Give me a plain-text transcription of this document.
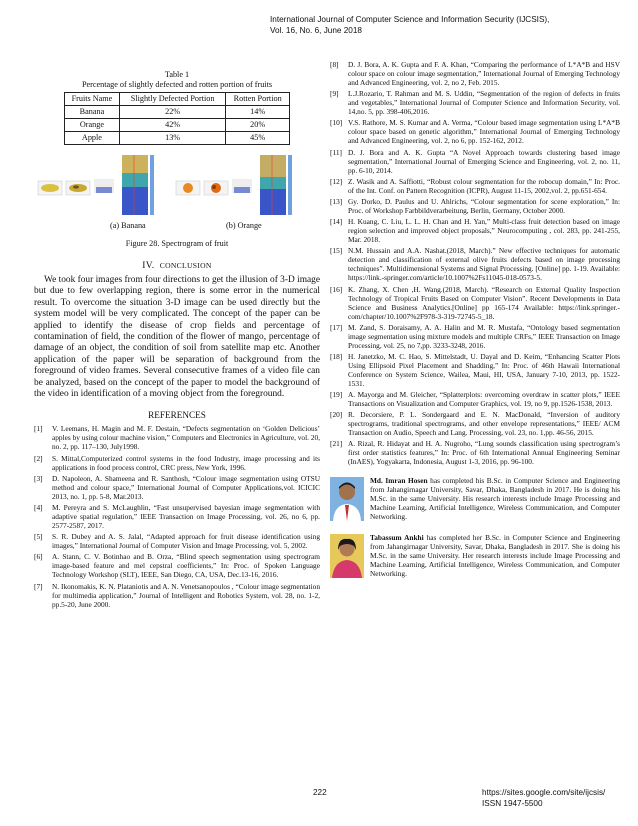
International Journal of Computer Science and Information Security (IJCSIS),
Vol. 16, No. 6, June 2018
Table 1
Percentage of slightly defected and rotten portion of fruits
Fruits Name	Slightly Defected Portion	Rotten Portion
Banana	22%	14%
Orange	42%	20%
Apple	13%	45%
(a) Banana	(b) Orange
Figure 28. Spectrogram of fruit
IV. CONCLUSION
We took four images from four directions to get the illusion of 3-D image but due to few overlapping region, there is some error in the numerical result. To overcome the situation 3-D image can be used directly but the system model will be very complicated. The concept of the paper can be applied to identify the disease of crop fields and percentage of contamination of field, the condition of the flower of mango, percentage of damage of an object, the condition of soil from satellite map etc. Another application of the paper will be separation of background from the foreground of video frames. Several consecutive frames of a video file can be analyzed, based on the concept of the paper to model the background of the video in identification of a moving object from the foreground.
REFERENCES
[1]	V. Leemans, H. Magin and M. F. Destain, “Defects segmentation on ‘Golden Delicious’ apples by using colour machine vision,” Computers and Electronics in Agriculture, vol. 20, no. 2, pp. 117–130, July1998.
[2]	S. Mittal,Computerized control systems in the food Industry, image processing and its applications in food process control, CRC press, New York, 1996.
[3]	D. Napoleon, A. Shameena and R. Santhosh, “Colour image segmentation using OTSU method and colour space,” International Journal of Computer Applications,vol. ICICIC 2013, no. 1, pp. 5-8, Mar.2013.
[4]	M. Pereyra and S. McLaughlin, “Fast unsupervised bayesian image segmentation with adaptive spatial regulation,” IEEE Transaction on Image Processing, vol. 26, no 6, pp. 2577-2587, 2017.
[5]	S. R. Dubey and A. S. Jalal, “Adapted approach for fruit disease identification using images,” International Journal of Computer Vision and Image Processing, vol. 5, 2002.
[6]	A. Stann, C. V. Botinhao and B. Orza, “Blind speech segmentation using spectrogram image-based feature and mel cepstral coefficients,” In: Proc. of Spoken Language Technology Workshop (SLT), IEEE, San Diego, CA, USA, Dec.13-16, 2016.
[7]	N. Ikonomakis, K. N. Plataniotis and A. N. Venetsanopoulos , “Colour image segmentation for multimedia application,” Journal of Intelligent and Robotics System, vol. 28, no. 1-2, pp.5-20, June 2000.
[8]	D. J. Bora, A. K. Gupta and F. A. Khan, “Comparing the performance of L*A*B and HSV colour space on colour image segmentation,” International Journal of Emerging Technology and Advanced Engineering, vol. 2, no 2, Feb. 2015.
[9]	L.J.Rozario, T. Rahman and M. S. Uddin, “Segmentation of the region of defects in fruits and vegetables,” International Journal of Computer Science and Information Security, vol. 14,no. 5, pp. 398-406,2016.
[10] V.S. Rathore, M. S. Kumar and A. Verma, “Colour based image segmentation using L*A*B colour space based on genetic algorithm,” International Journal of Emerging Technology and Advanced Engineering, vol. 2, no 6, pp. 152-162, 2012.
[11] D. J. Bora and A. K. Gupta “A Novel Approach towards clustering based image segmentation,” International Journal of Emerging Science and Engineering, vol. 2, no. 11, pp. 6-10, 2014.
[12] Z. Wasik and A. Saffiotti, “Robust colour segmentation for the robocup domain,” In: Proc. of the Int. Conf. on Pattern Recognition (ICPR), August 11-15, 2002,vol. 2, pp.651-654.
[13] Gy. Dorko, D. Paulus and U. Ahlrichs, “Colour segmentation for scene exploration,” In: Proc. of Workshop Farbbildverarbeitung, Berlin, Germany, October 2000.
[14] H. Kuang, C. Liu, L. L. H. Chan and H. Yan,” Multi-class fruit detection based on image region selection and improved object proposals,” Neurocomputing , col. 283, pp. 241-255, Mar. 2018.
[15] N.M. Hussain and A.A. Nashat.(2018, March).” New effective techniques for automatic detection and classification of external olive fruits defects based on image processing techniques”. Multidimensional Systems and Signal Processing. [Online] pp. 1-19. Available: https://link.-springer.com/article/10.1007%2Fs11045-018-0573-5.
[16] K. Zhang, X. Chen ,H. Wang.(2018, March). “Research on External Quality Inspection Technology of Tropical Fruits Based on Computer Vision”. Recent Developments in Data Science and Business Analytics.[Online] pp 165-174 Available: https://link.springer.-com/chapter/10.1007%2F978-3-319-72745-5_18.
[17] M. Zand, S. Doraisamy, A. A. Halin and M. R. Mustafa, “Ontology based segmentation image segmentation using mixture models and multiple CRFs,” IEEE Transaction on Image Processing, vol. 25, no 7,pp. 3233-3248, 2016.
[18] H. Janetzko, M. C. Hao, S. Mittelstadt, U. Dayal and D. Keim, “Enhancing Scatter Plots Using Ellipsoid Pixel Placement and Shadding,” In: Proc. of 46th Hawaii International Conference on System Science, Wailea, Maui, HI, USA, January 7-10, 2013, pp. 1522-1531.
[19] A. Mayorga and M. Gleicher, “Splatterplots: overcoming overdraw in scatter plots,” IEEE Transactions on Visualization and Computer Graphics, vol. 19, no 9, pp.1526-1538, 2013.
[20] R. Decorsiere, P. L. Sondergaard and E. N. MacDonald, “Inversion of auditory spectrograms, traditional spectrograms, and other envelope representations,” IEEE/ ACM Transaction on Audio, Speech and Lang. Processing, vol. 23, no. 1,pp. 46-56, 2015.
[21] A. Rizal, R. Hidayat and H. A. Nugroho, “Lung sounds classification using spectrogram’s first order statistics features,” In: Proc. of 6th International Annual Engineering Seminar (InAES), Yogyakarta, Indonesia, August 1-3, 2016, pp. 96-100.
Md. Imran Hosen has completed his B.Sc. in Computer Science and Engineering from Jahangirnagar University, Savar, Dhaka, Bangladesh in 2017. He is doing his M.Sc. in the same University. His research interests include Image Processing and Machine Learning, Artificial Intelligence, Wireless Communication, and Computer Networking.
Tabassum Ankhi has completed her B.Sc. in Computer Science and Engineering from Jahangirnagar University, Savar, Dhaka, Bangladesh in 2017. She is doing his M.Sc. in the same University. Her research interests include Image Processing and Machine Learning, Artificial Intelligence, Wireless Communication, and Computer Networking.
222	https://sites.google.com/site/ijcsis/
ISSN 1947-5500
